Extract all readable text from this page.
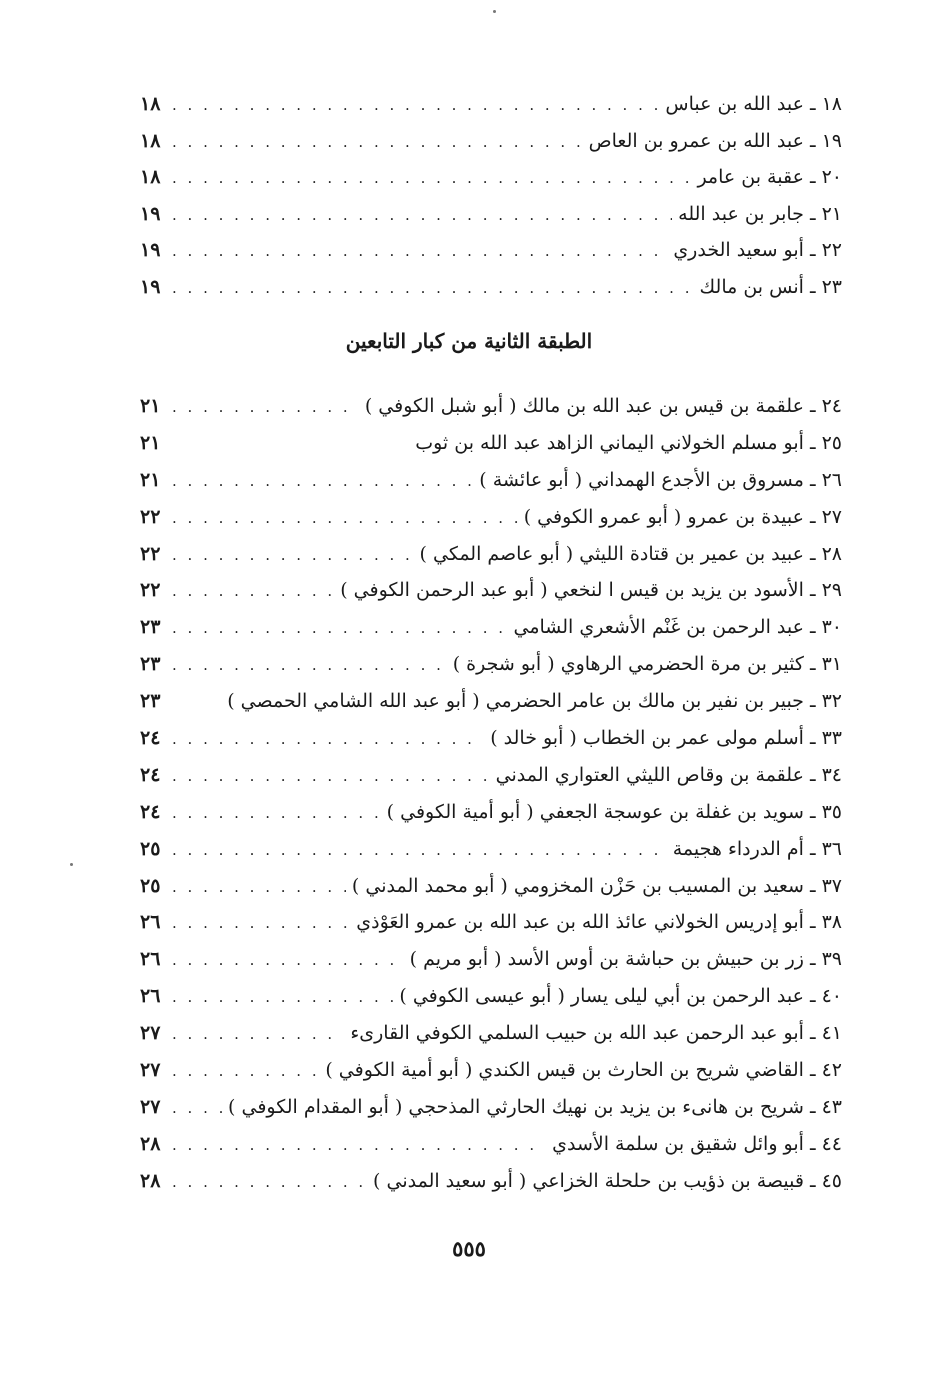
١٨ ـ عبد الله بن عباس
. . .
١٨
١٩ ـ عبد الله بن عمرو بن العاص
. . .
١٨
٢٠ ـ عقبة بن عامر
. . .
١٨
٢١ ـ جابر بن عبد الله
. . .
١٩
٢٢ ـ أبو سعيد الخدري
. . .
١٩
٢٣ ـ أنس بن مالك
. . .
١٩
الطبقة الثانية من كبار التابعين
٢٤ ـ علقمة بن قيس بن عبد الله بن مالك ( أبو شبل الكوفي )
. . .
٢١
٢٥ ـ أبو مسلم الخولاني اليماني الزاهد عبد الله بن ثوب
٢١
٢٦ ـ مسروق بن الأجدع الهمداني ( أبو عائشة )
. . .
٢١
٢٧ ـ عبيدة بن عمرو ( أبو عمرو الكوفي )
. . .
٢٢
٢٨ ـ عبيد بن عمير بن قتادة الليثي ( أبو عاصم المكي )
. . .
٢٢
٢٩ ـ الأسود بن يزيد بن قيس ا لنخعي ( أبو عبد الرحمن الكوفي )
. . .
٢٢
٣٠ ـ عبد الرحمن بن غَنْم الأشعري الشامي
. . .
٢٣
٣١ ـ كثير بن مرة الحضرمي الرهاوي ( أبو شجرة )
. . .
٢٣
٣٢ ـ جبير بن نفير بن مالك بن عامر الحضرمي ( أبو عبد الله الشامي الحمصي )
٢٣
٣٣ ـ أسلم مولى عمر بن الخطاب ( أبو خالد )
. . .
٢٤
٣٤ ـ علقمة بن وقاص الليثي العتواري المدني
. . .
٢٤
٣٥ ـ سويد بن غفلة بن عوسجة الجعفي ( أبو أمية الكوفي )
. . .
٢٤
٣٦ ـ أم الدرداء هجيمة
. . .
٢٥
٣٧ ـ سعيد بن المسيب بن حَزْن المخزومي ( أبو محمد المدني )
. . .
٢٥
٣٨ ـ أبو إدريس الخولاني عائذ الله بن عبد الله بن عمرو العَوْذي
. . .
٢٦
٣٩ ـ زر بن حبيش بن حباشة بن أوس الأسد ( أبو مريم )
. . .
٢٦
٤٠ ـ عبد الرحمن بن أبي ليلى يسار ( أبو عيسى الكوفي )
. . .
٢٦
٤١ ـ أبو عبد الرحمن عبد الله بن حبيب السلمي الكوفي القارىء
. . .
٢٧
٤٢ ـ القاضي شريح بن الحارث بن قيس الكندي ( أبو أمية الكوفي )
. . .
٢٧
٤٣ ـ شريح بن هانىء بن يزيد بن نهيك الحارثي المذحجي ( أبو المقدام الكوفي )
. . .
٢٧
٤٤ ـ أبو وائل شقيق بن سلمة الأسدي
. . .
٢٨
٤٥ ـ قبيصة بن ذؤيب بن حلحلة الخزاعي ( أبو سعيد المدني )
. . .
٢٨
٥٥٥
